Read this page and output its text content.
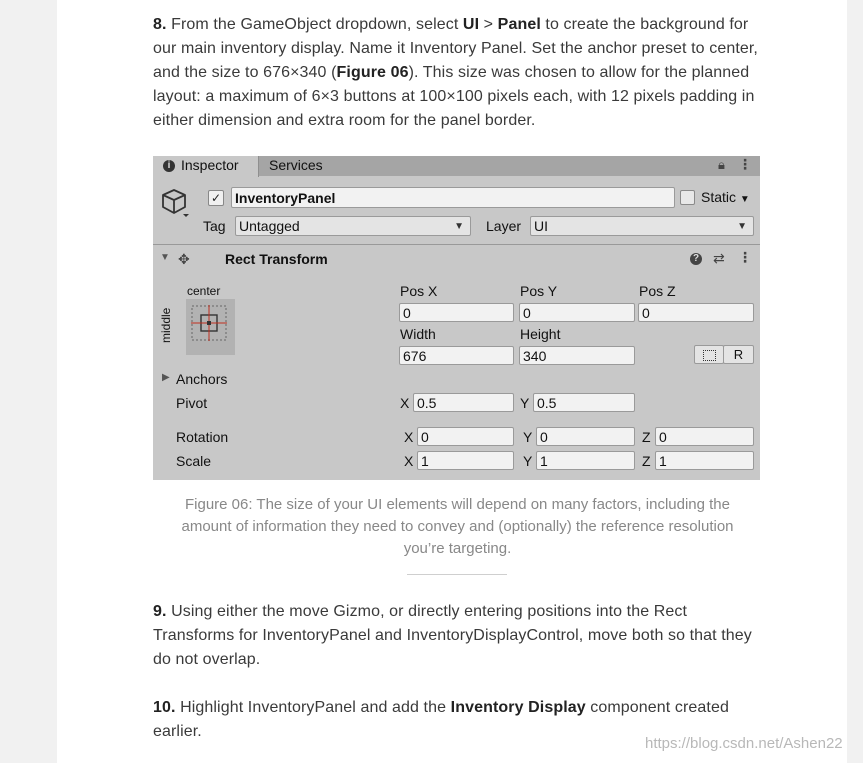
8. From the GameObject dropdown, select UI > Panel to create the background for our main inventory display. Name it Inventory Panel. Set the anchor preset to center, and the size to 676×340 (Figure 06). This size was chosen to allow for the planned layout: a maximum of 6×3 buttons at 100×100 pixels each, with 12 pixels padding in either dimension and extra room for the panel border.
i Inspector Services	🔒︎ ⋮
✓ InventoryPanel	Static ▼
Tag Untagged	▼ Layer UI	▼
▼ ✥	Rect Transform	? ⇄ ⋮
center
middle
Pos X	Pos Y	Pos Z
0	0	0
Width	Height
676	340	R
▶ Anchors
Pivot	X 0.5	Y 0.5
Rotation	X 0	Y 0	Z 0
Scale	X 1	Y 1	Z 1
Figure 06: The size of your UI elements will depend on many factors, including the amount of information they need to convey and (optionally) the reference resolution you’re targeting.
9. Using either the move Gizmo, or directly entering positions into the Rect Transforms for InventoryPanel and InventoryDisplayControl, move both so that they do not overlap.
10. Highlight InventoryPanel and add the Inventory Display component created earlier.
https://blog.csdn.net/Ashen22
